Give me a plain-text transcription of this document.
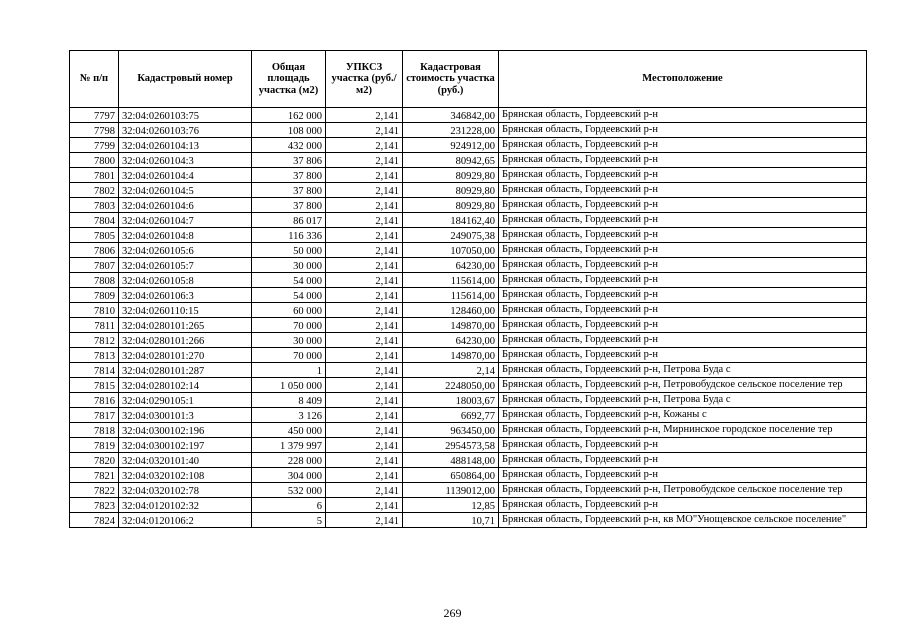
№ п/п	Кадастровый номер	Общая площадь участка (м2)	УПКСЗ участка (руб./м2)	Кадастровая стоимость участка (руб.)	Местоположение
7797	32:04:0260103:75	162 000	2,141	346842,00	Брянская область, Гордеевский р-н
7798	32:04:0260103:76	108 000	2,141	231228,00	Брянская область, Гордеевский р-н
7799	32:04:0260104:13	432 000	2,141	924912,00	Брянская область, Гордеевский р-н
7800	32:04:0260104:3	37 806	2,141	80942,65	Брянская область, Гордеевский р-н
7801	32:04:0260104:4	37 800	2,141	80929,80	Брянская область, Гордеевский р-н
7802	32:04:0260104:5	37 800	2,141	80929,80	Брянская область, Гордеевский р-н
7803	32:04:0260104:6	37 800	2,141	80929,80	Брянская область, Гордеевский р-н
7804	32:04:0260104:7	86 017	2,141	184162,40	Брянская область, Гордеевский р-н
7805	32:04:0260104:8	116 336	2,141	249075,38	Брянская область, Гордеевский р-н
7806	32:04:0260105:6	50 000	2,141	107050,00	Брянская область, Гордеевский р-н
7807	32:04:0260105:7	30 000	2,141	64230,00	Брянская область, Гордеевский р-н
7808	32:04:0260105:8	54 000	2,141	115614,00	Брянская область, Гордеевский р-н
7809	32:04:0260106:3	54 000	2,141	115614,00	Брянская область, Гордеевский р-н
7810	32:04:0260110:15	60 000	2,141	128460,00	Брянская область, Гордеевский р-н
7811	32:04:0280101:265	70 000	2,141	149870,00	Брянская область, Гордеевский р-н
7812	32:04:0280101:266	30 000	2,141	64230,00	Брянская область, Гордеевский р-н
7813	32:04:0280101:270	70 000	2,141	149870,00	Брянская область, Гордеевский р-н
7814	32:04:0280101:287	1	2,141	2,14	Брянская область, Гордеевский р-н, Петрова Буда с
7815	32:04:0280102:14	1 050 000	2,141	2248050,00	Брянская область, Гордеевский р-н, Петровобудское сельское поселение тер
7816	32:04:0290105:1	8 409	2,141	18003,67	Брянская область, Гордеевский р-н, Петрова Буда с
7817	32:04:0300101:3	3 126	2,141	6692,77	Брянская область, Гордеевский р-н, Кожаны с
7818	32:04:0300102:196	450 000	2,141	963450,00	Брянская область, Гордеевский р-н, Мирнинское городское поселение тер
7819	32:04:0300102:197	1 379 997	2,141	2954573,58	Брянская область, Гордеевский р-н
7820	32:04:0320101:40	228 000	2,141	488148,00	Брянская область, Гордеевский р-н
7821	32:04:0320102:108	304 000	2,141	650864,00	Брянская область, Гордеевский р-н
7822	32:04:0320102:78	532 000	2,141	1139012,00	Брянская область, Гордеевский р-н, Петровобудское сельское поселение тер
7823	32:04:0120102:32	6	2,141	12,85	Брянская область, Гордеевский р-н
7824	32:04:0120106:2	5	2,141	10,71	Брянская область, Гордеевский р-н, кв МО"Унощевское сельское поселение"
269
